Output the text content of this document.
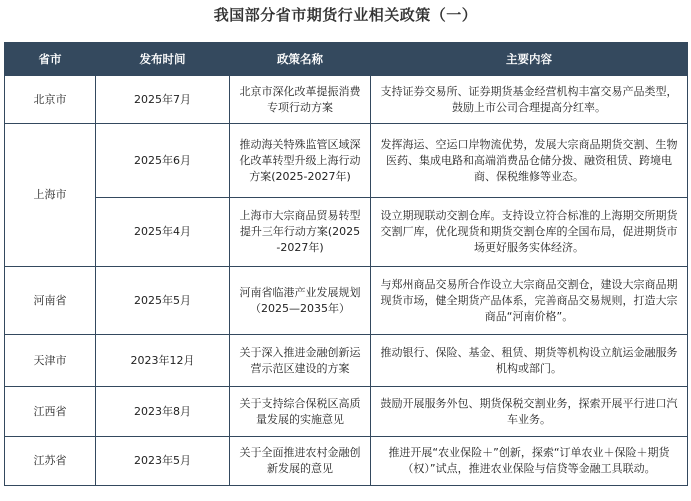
我国部分省市期货行业相关政策（一）
省市	发布时间	政策名称	主要内容
北京市	2025年7月	北京市深化改革提振消费专项行动方案	支持证券交易所、证券期货基金经营机构丰富交易产品类型，鼓励上市公司合理提高分红率。
上海市	2025年6月	推动海关特殊监管区域深化改革转型升级上海行动方案(2025-2027年)	发挥海运、空运口岸物流优势，发展大宗商品期货交割、生物医药、集成电路和高端消费品仓储分拨、融资租赁、跨境电商、保税维修等业态。
	2025年4月	上海市大宗商品贸易转型提升三年行动方案(2025-2027年)	设立期现联动交割仓库。支持设立符合标准的上海期交所期货交割厂库，优化现货和期货交割仓库的全国布局，促进期货市场更好服务实体经济。
河南省	2025年5月	河南省临港产业发展规划（2025—2035年）	与郑州商品交易所合作设立大宗商品交割仓，建设大宗商品期现货市场，健全期货产品体系，完善商品交易规则，打造大宗商品“河南价格”。
天津市	2023年12月	关于深入推进金融创新运营示范区建设的方案	推动银行、保险、基金、租赁、期货等机构设立航运金融服务机构或部门。
江西省	2023年8月	关于支持综合保税区高质量发展的实施意见	鼓励开展服务外包、期货保税交割业务，探索开展平行进口汽车业务。
江苏省	2023年5月	关于全面推进农村金融创新发展的意见	推进开展“农业保险＋”创新，探索“订单农业＋保险＋期货（权）”试点，推进农业保险与信贷等金融工具联动。
